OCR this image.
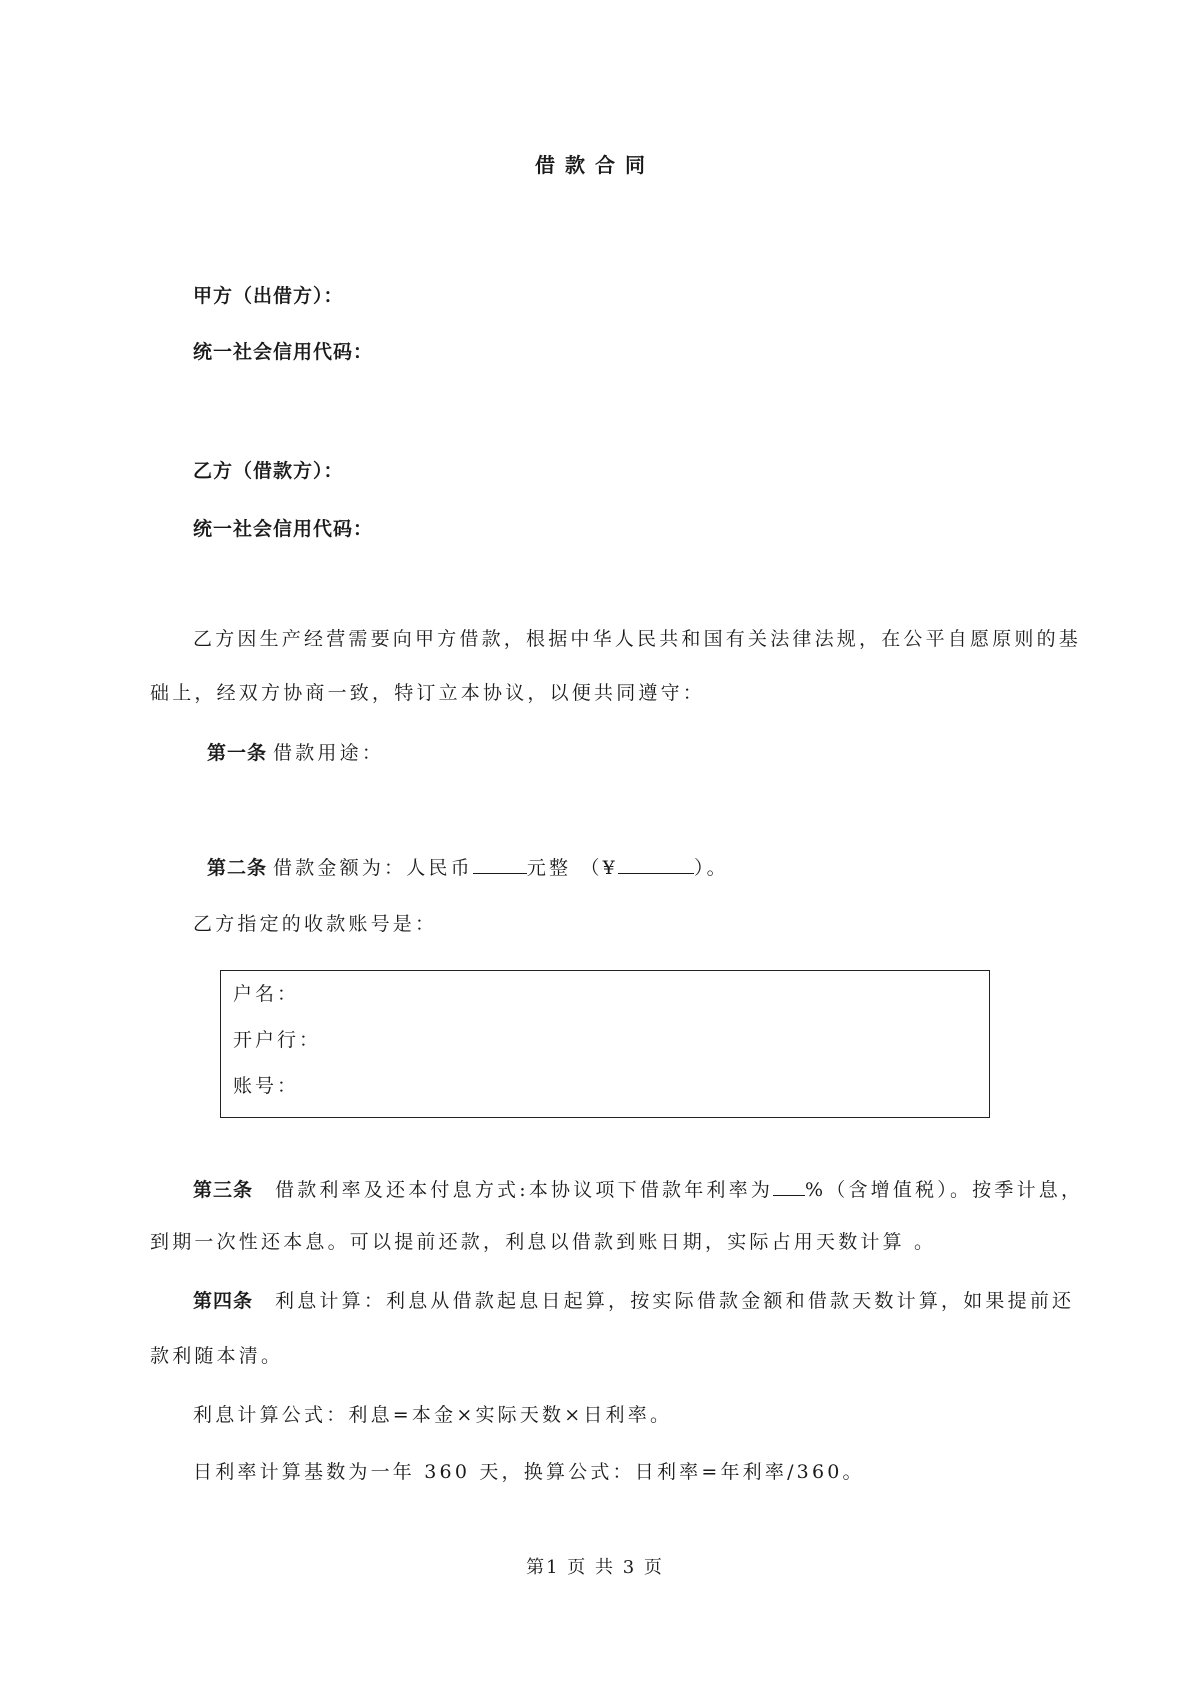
借款合同
甲方（出借方）：
统一社会信用代码：
乙方（借款方）：
统一社会信用代码：
乙方因生产经营需要向甲方借款，根据中华人民共和国有关法律法规，在公平自愿原则的基
础上，经双方协商一致，特订立本协议，以便共同遵守：
第一条 借款用途：
第二条 借款金额为：人民币	元整 （¥	）。
乙方指定的收款账号是：
户名：
开户行：
账号：
第三条 借款利率及还本付息方式:本协议项下借款年利率为 %（含增值税）。按季计息，
到期一次性还本息。可以提前还款，利息以借款到账日期，实际占用天数计算 。
第四条 利息计算：利息从借款起息日起算，按实际借款金额和借款天数计算，如果提前还
款利随本清。
利息计算公式：利息=本金×实际天数×日利率。
日利率计算基数为一年 360 天，换算公式：日利率=年利率/360。
第1 页 共 3 页
